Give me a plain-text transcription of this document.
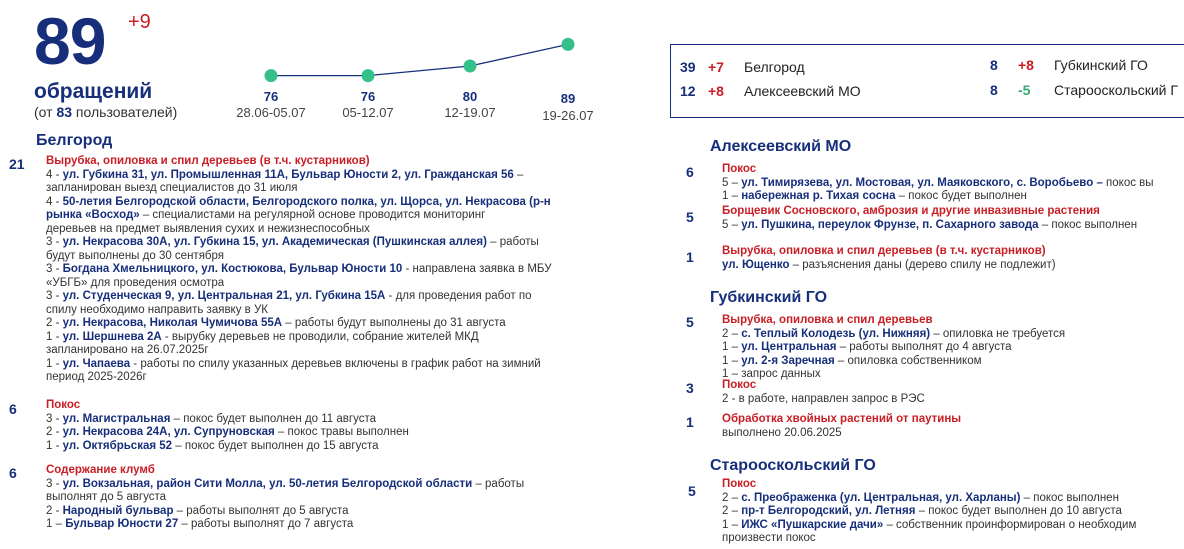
89 +9
обращений
(от 83 пользователей)
76
28.06-05.07
76
05-12.07
80
12-19.07
89
19-26.07
39 +7 Белгород
12 +8 Алексеевский МО
8 +8 Губкинский ГО
8 -5 Старооскольский Г
Белгород
21 Вырубка, опиловка и спил деревьев (в т.ч. кустарников)
4 - ул. Губкина 31, ул. Промышленная 11А, Бульвар Юности 2, ул. Гражданская 56 –
запланирован выезд специалистов до 31 июля
4 - 50-летия Белгородской области, Белгородского полка, ул. Щорса, ул. Некрасова (р-н
рынка «Восход» – специалистами на регулярной основе проводится мониторинг
деревьев на предмет выявления сухих и нежизнеспособных
3 - ул. Некрасова 30А, ул. Губкина 15, ул. Академическая (Пушкинская аллея) – работы
будут выполнены до 30 сентября
3 - Богдана Хмельницкого, ул. Костюкова, Бульвар Юности 10 - направлена заявка в МБУ
«УБГБ» для проведения осмотра
3 - ул. Студенческая 9, ул. Центральная 21, ул. Губкина 15А - для проведения работ по
спилу необходимо направить заявку в УК
2 - ул. Некрасова, Николая Чумичова 55А – работы будут выполнены до 31 августа
1 - ул. Шершнева 2А - вырубку деревьев не проводили, собрание жителей МКД
запланировано на 26.07.2025г
1 - ул. Чапаева - работы по спилу указанных деревьев включены в график работ на зимний
период 2025-2026г
6	Покос
3 - ул. Магистральная – покос будет выполнен до 11 августа
2 - ул. Некрасова 24А, ул. Супруновская – покос травы выполнен
1 - ул. Октябрьская 52 – покос будет выполнен до 15 августа
6	Содержание клумб
3 - ул. Вокзальная, район Сити Молла, ул. 50-летия Белгородской области – работы
выполнят до 5 августа
2 - Народный бульвар – работы выполнят до 5 августа
1 – Бульвар Юности 27 – работы выполнят до 7 августа
Алексеевский МО
6 Покос
5 – ул. Тимирязева, ул. Мостовая, ул. Маяковского, с. Воробьево – покос вы
1 – набережная р. Тихая сосна – покос будет выполнен
5 Борщевик Сосновского, амброзия и другие инвазивные растения
5 – ул. Пушкина, переулок Фрунзе, п. Сахарного завода – покос выполнен
1 Вырубка, опиловка и спил деревьев (в т.ч. кустарников)
ул. Ющенко – разъяснения даны (дерево спилу не подлежит)
Губкинский ГО
5 Вырубка, опиловка и спил деревьев
2 – с. Теплый Колодезь (ул. Нижняя) – опиловка не требуется
1 – ул. Центральная – работы выполнят до 4 августа
1 – ул. 2-я Заречная – опиловка собственником
1 – запрос данных
3 Покос
2 - в работе, направлен запрос в РЭС
1 Обработка хвойных растений от паутины
выполнено 20.06.2025
Старооскольский ГО
5 Покос
2 – с. Преображенка (ул. Центральная, ул. Харланы) – покос выполнен
2 – пр-т Белгородский, ул. Летняя – покос будет выполнен до 10 августа
1 – ИЖС «Пушкарские дачи» – собственник проинформирован о необходим
произвести покос
